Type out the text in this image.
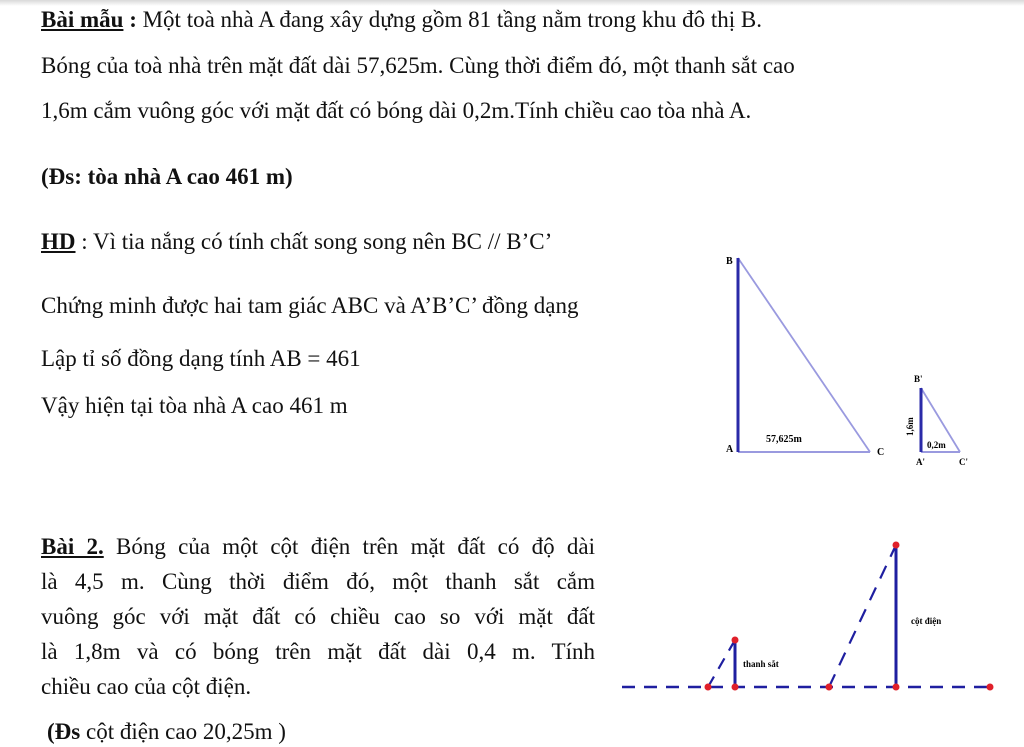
Bài mẫu : Một toà nhà A đang xây dựng gồm 81 tầng nằm trong khu đô thị B.
Bóng của toà nhà trên mặt đất dài 57,625m. Cùng thời điểm đó, một thanh sắt cao
1,6m cắm vuông góc với mặt đất có bóng dài 0,2m.Tính chiều cao tòa nhà A.
(Đs: tòa nhà A cao 461 m)
HD : Vì tia nắng có tính chất song song nên BC // B’C’
Chứng minh được hai tam giác ABC và A’B’C’ đồng dạng
Lập tỉ số đồng dạng tính AB = 461
Vậy hiện tại tòa nhà A cao 461 m
B
A	C
57,625m
B'
A'	C'
0,2m
1,6m
Bài 2. Bóng của một cột điện trên mặt đất có độ dài
là 4,5 m. Cùng thời điểm đó, một thanh sắt cắm
vuông góc với mặt đất có chiều cao so với mặt đất
là 1,8m và có bóng trên mặt đất dài 0,4 m. Tính
chiều cao của cột điện.
(Đs cột điện cao 20,25m )
thanh sắt
cột điện
